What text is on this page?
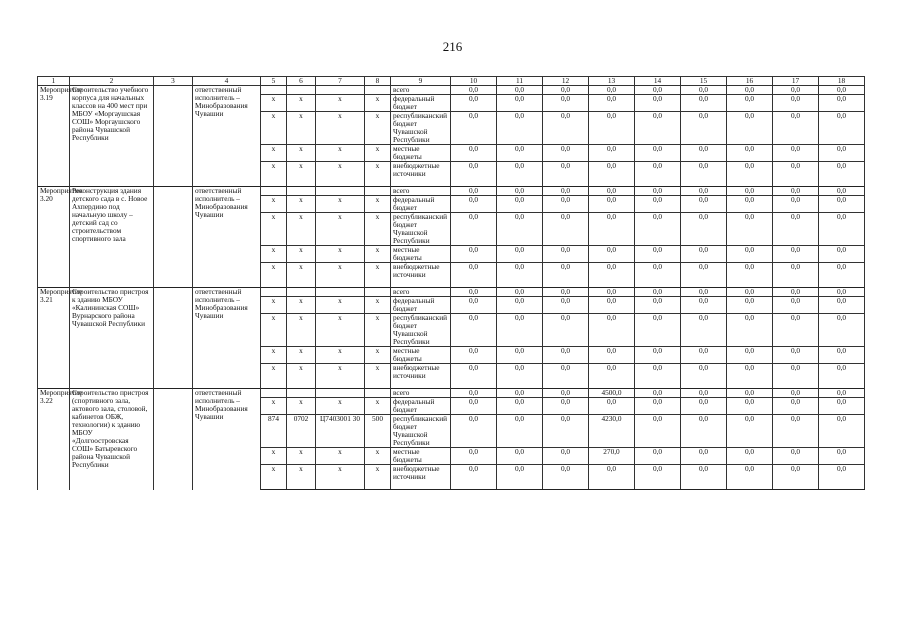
216
1	2	3	4	5	6	7	8	9	10	11	12	13	14	15	16	17	18
Мероприятие 3.19	Строительство учебного корпуса для начальных классов на 400 мест при МБОУ «Моргаушская СОШ» Моргаушского района Чувашской Республики		ответственный исполнитель – Минобразования Чувашии					всего	0,0	0,0	0,0	0,0	0,0	0,0	0,0	0,0	0,0
				x	x	x	x	федеральный бюджет	0,0	0,0	0,0	0,0	0,0	0,0	0,0	0,0	0,0
				x	x	x	x	республиканский бюджет Чувашской Республики	0,0	0,0	0,0	0,0	0,0	0,0	0,0	0,0	0,0
				x	x	x	x	местные бюджеты	0,0	0,0	0,0	0,0	0,0	0,0	0,0	0,0	0,0
				x	x	x	x	внебюджетные источники	0,0	0,0	0,0	0,0	0,0	0,0	0,0	0,0	0,0
Мероприятие 3.20	Реконструкция здания детского сада в с. Новое Ахпердино под начальную школу – детский сад со строительством спортивного зала		ответственный исполнитель – Минобразования Чувашии					всего	0,0	0,0	0,0	0,0	0,0	0,0	0,0	0,0	0,0
				x	x	x	x	федеральный бюджет	0,0	0,0	0,0	0,0	0,0	0,0	0,0	0,0	0,0
				x	x	x	x	республиканский бюджет Чувашской Республики	0,0	0,0	0,0	0,0	0,0	0,0	0,0	0,0	0,0
				x	x	x	x	местные бюджеты	0,0	0,0	0,0	0,0	0,0	0,0	0,0	0,0	0,0
				x	x	x	x	внебюджетные источники	0,0	0,0	0,0	0,0	0,0	0,0	0,0	0,0	0,0
Мероприятие 3.21	Строительство пристроя к зданию МБОУ «Калининская СОШ» Вурнарского района Чувашской Республики		ответственный исполнитель – Минобразования Чувашии					всего	0,0	0,0	0,0	0,0	0,0	0,0	0,0	0,0	0,0
				x	x	x	x	федеральный бюджет	0,0	0,0	0,0	0,0	0,0	0,0	0,0	0,0	0,0
				x	x	x	x	республиканский бюджет Чувашской Республики	0,0	0,0	0,0	0,0	0,0	0,0	0,0	0,0	0,0
				x	x	x	x	местные бюджеты	0,0	0,0	0,0	0,0	0,0	0,0	0,0	0,0	0,0
				x	x	x	x	внебюджетные источники	0,0	0,0	0,0	0,0	0,0	0,0	0,0	0,0	0,0
Мероприятие 3.22	Строительство пристроя (спортивного зала, актового зала, столовой, кабинетов ОБЖ, технологии) к зданию МБОУ «Долгоостровская СОШ» Батыревского района Чувашской Республики		ответственный исполнитель – Минобразования Чувашии					всего	0,0	0,0	0,0	4500,0	0,0	0,0	0,0	0,0	0,0
				x	x	x	x	федеральный бюджет	0,0	0,0	0,0	0,0	0,0	0,0	0,0	0,0	0,0
				874	0702	Ц7403001 30	500	республиканский бюджет Чувашской Республики	0,0	0,0	0,0	4230,0	0,0	0,0	0,0	0,0	0,0
				x	x	x	x	местные бюджеты	0,0	0,0	0,0	270,0	0,0	0,0	0,0	0,0	0,0
				x	x	x	x	внебюджетные источники	0,0	0,0	0,0	0,0	0,0	0,0	0,0	0,0	0,0
